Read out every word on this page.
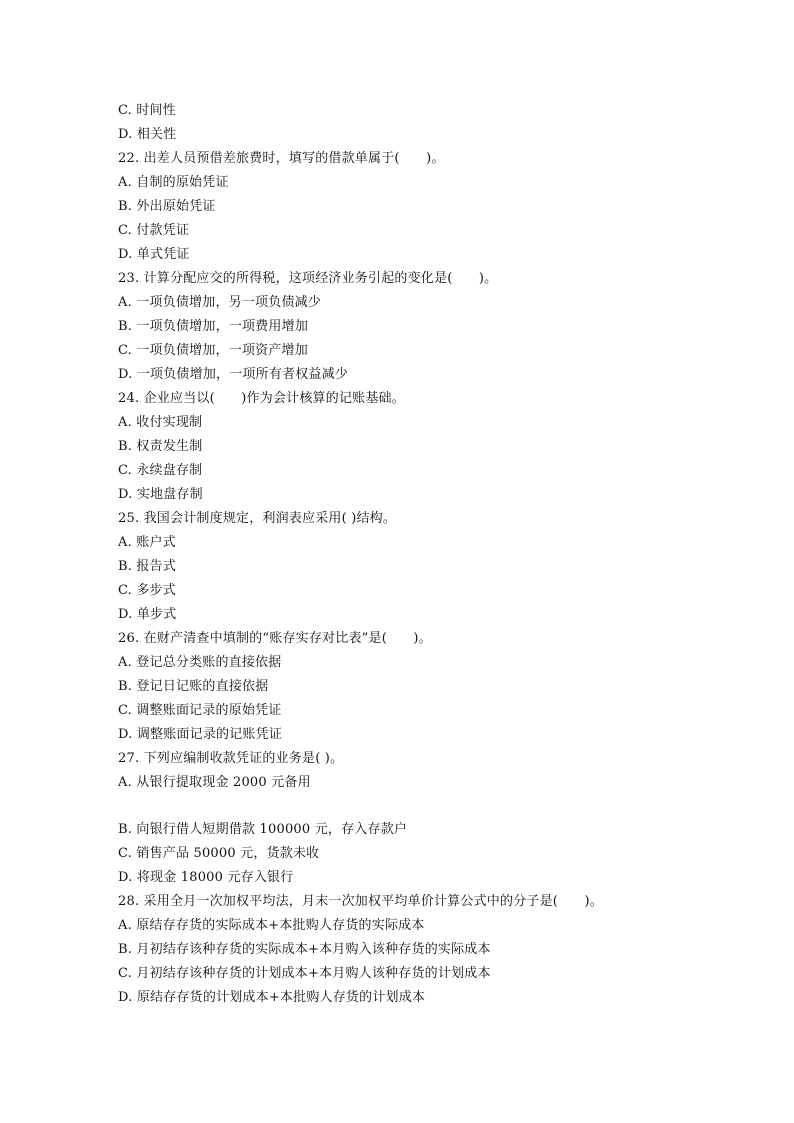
C. 时间性
D. 相关性
22. 出差人员预借差旅费时，填写的借款单属于(　　)。
A. 自制的原始凭证
B. 外出原始凭证
C. 付款凭证
D. 单式凭证
23. 计算分配应交的所得税，这项经济业务引起的变化是(　　)。
A. 一项负债增加，另一项负债减少
B. 一项负债增加，一项费用增加
C. 一项负债增加，一项资产增加
D. 一项负债增加，一项所有者权益减少
24. 企业应当以(　　)作为会计核算的记账基础。
A. 收付实现制
B. 权责发生制
C. 永续盘存制
D. 实地盘存制
25. 我国会计制度规定，利润表应采用( )结构。
A. 账户式
B. 报告式
C. 多步式
D. 单步式
26. 在财产清查中填制的“账存实存对比表”是(　　)。
A. 登记总分类账的直接依据
B. 登记日记账的直接依据
C. 调整账面记录的原始凭证
D. 调整账面记录的记账凭证
27. 下列应编制收款凭证的业务是( )。
A. 从银行提取现金 2000 元备用
B. 向银行借人短期借款 100000 元，存入存款户
C. 销售产品 50000 元，货款未收
D. 将现金 18000 元存入银行
28. 采用全月一次加权平均法，月末一次加权平均单价计算公式中的分子是(　　)。
A. 原结存存货的实际成本+本批购人存货的实际成本
B. 月初结存该种存货的实际成本+本月购入该种存货的实际成本
C. 月初结存该种存货的计划成本+本月购人该种存货的计划成本
D. 原结存存货的计划成本+本批购人存货的计划成本
